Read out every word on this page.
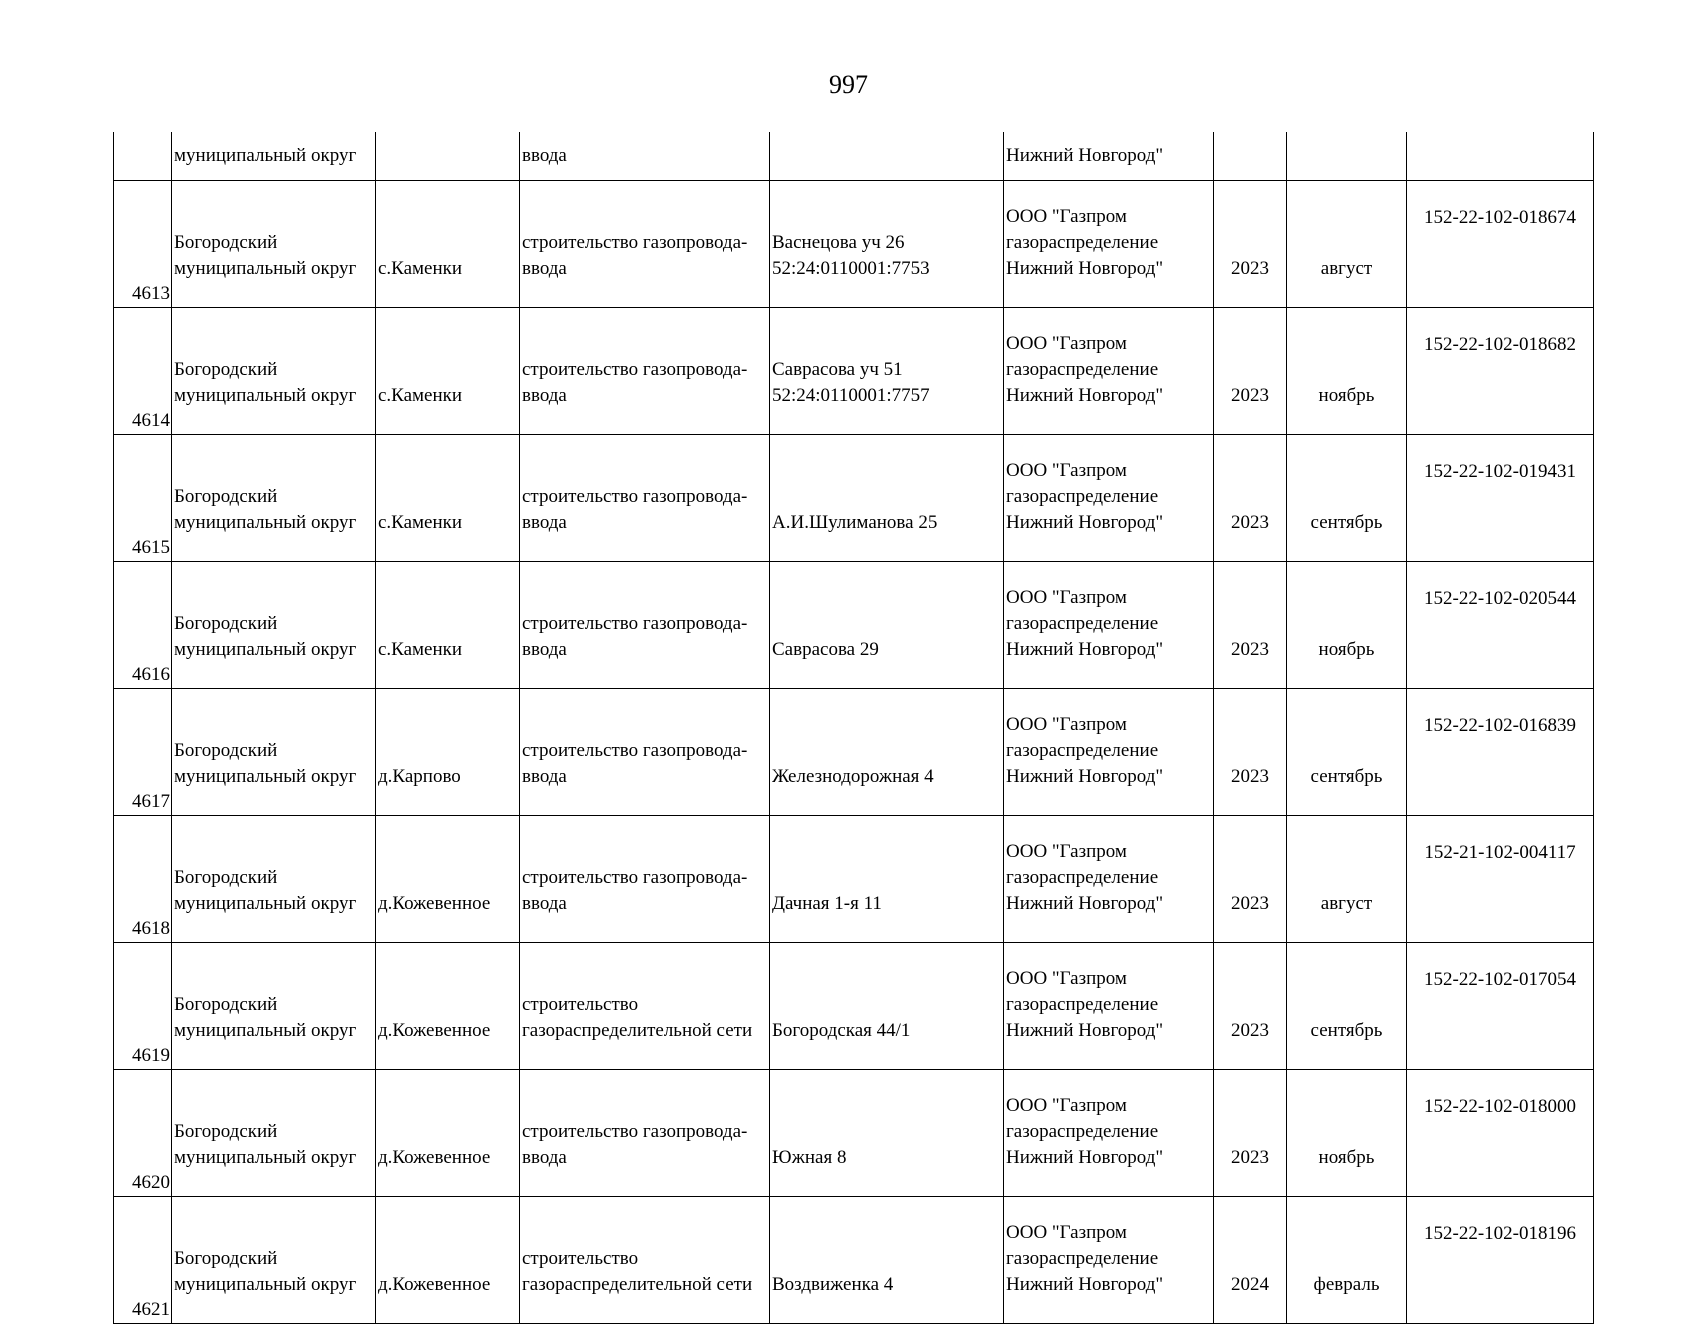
997
	муниципальный округ		ввода		Нижний Новгород"			

4613	Богородский
муниципальный округ	с.Каменки	строительство газопровода-
ввода	Васнецова уч 26
52:24:0110001:7753	ООО "Газпром
газораспределение
Нижний Новгород"	2023	август	152-22-102-018674

4614	Богородский
муниципальный округ	с.Каменки	строительство газопровода-
ввода	Саврасова уч 51
52:24:0110001:7757	ООО "Газпром
газораспределение
Нижний Новгород"	2023	ноябрь	152-22-102-018682

4615	Богородский
муниципальный округ	с.Каменки	строительство газопровода-
ввода	А.И.Шулиманова 25	ООО "Газпром
газораспределение
Нижний Новгород"	2023	сентябрь	152-22-102-019431

4616	Богородский
муниципальный округ	с.Каменки	строительство газопровода-
ввода	Саврасова 29	ООО "Газпром
газораспределение
Нижний Новгород"	2023	ноябрь	152-22-102-020544

4617	Богородский
муниципальный округ	д.Карпово	строительство газопровода-
ввода	Железнодорожная 4	ООО "Газпром
газораспределение
Нижний Новгород"	2023	сентябрь	152-22-102-016839

4618	Богородский
муниципальный округ	д.Кожевенное	строительство газопровода-
ввода	Дачная 1-я 11	ООО "Газпром
газораспределение
Нижний Новгород"	2023	август	152-21-102-004117

4619	Богородский
муниципальный округ	д.Кожевенное	строительство
газораспределительной сети	Богородская 44/1	ООО "Газпром
газораспределение
Нижний Новгород"	2023	сентябрь	152-22-102-017054

4620	Богородский
муниципальный округ	д.Кожевенное	строительство газопровода-
ввода	Южная 8	ООО "Газпром
газораспределение
Нижний Новгород"	2023	ноябрь	152-22-102-018000

4621	Богородский
муниципальный округ	д.Кожевенное	строительство
газораспределительной сети	Воздвиженка 4	ООО "Газпром
газораспределение
Нижний Новгород"	2024	февраль	152-22-102-018196
